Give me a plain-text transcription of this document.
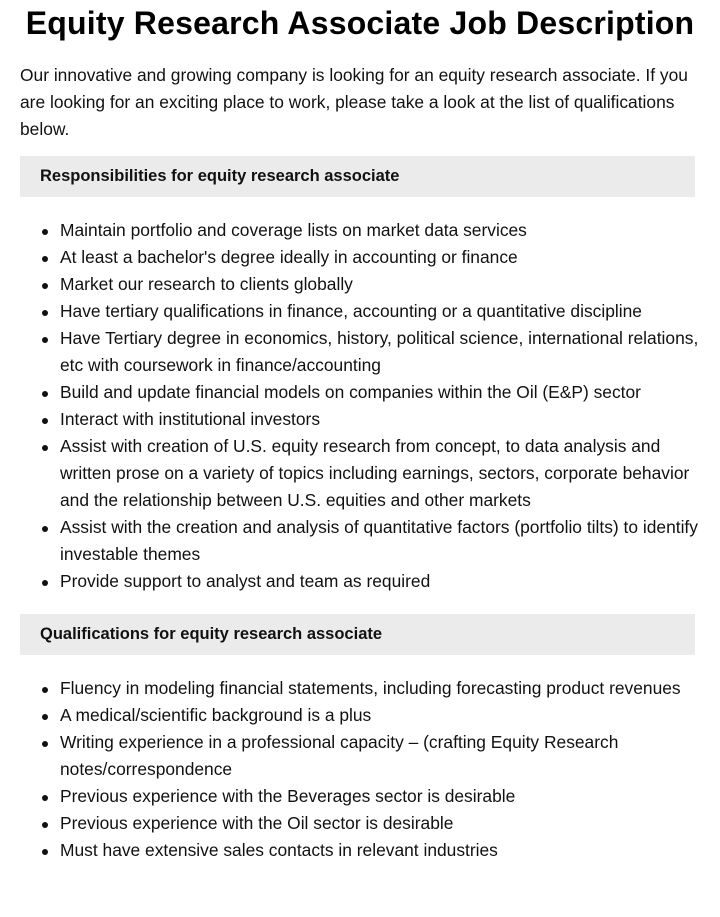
Equity Research Associate Job Description

Our innovative and growing company is looking for an equity research associate. If you are looking for an exciting place to work, please take a look at the list of qualifications below.

Responsibilities for equity research associate
Maintain portfolio and coverage lists on market data services
At least a bachelor's degree ideally in accounting or finance
Market our research to clients globally
Have tertiary qualifications in finance, accounting or a quantitative discipline
Have Tertiary degree in economics, history, political science, international relations, etc with coursework in finance/accounting
Build and update financial models on companies within the Oil (E&P) sector
Interact with institutional investors
Assist with creation of U.S. equity research from concept, to data analysis and written prose on a variety of topics including earnings, sectors, corporate behavior and the relationship between U.S. equities and other markets
Assist with the creation and analysis of quantitative factors (portfolio tilts) to identify investable themes
Provide support to analyst and team as required
Qualifications for equity research associate
Fluency in modeling financial statements, including forecasting product revenues
A medical/scientific background is a plus
Writing experience in a professional capacity – (crafting Equity Research notes/correspondence
Previous experience with the Beverages sector is desirable
Previous experience with the Oil sector is desirable
Must have extensive sales contacts in relevant industries
